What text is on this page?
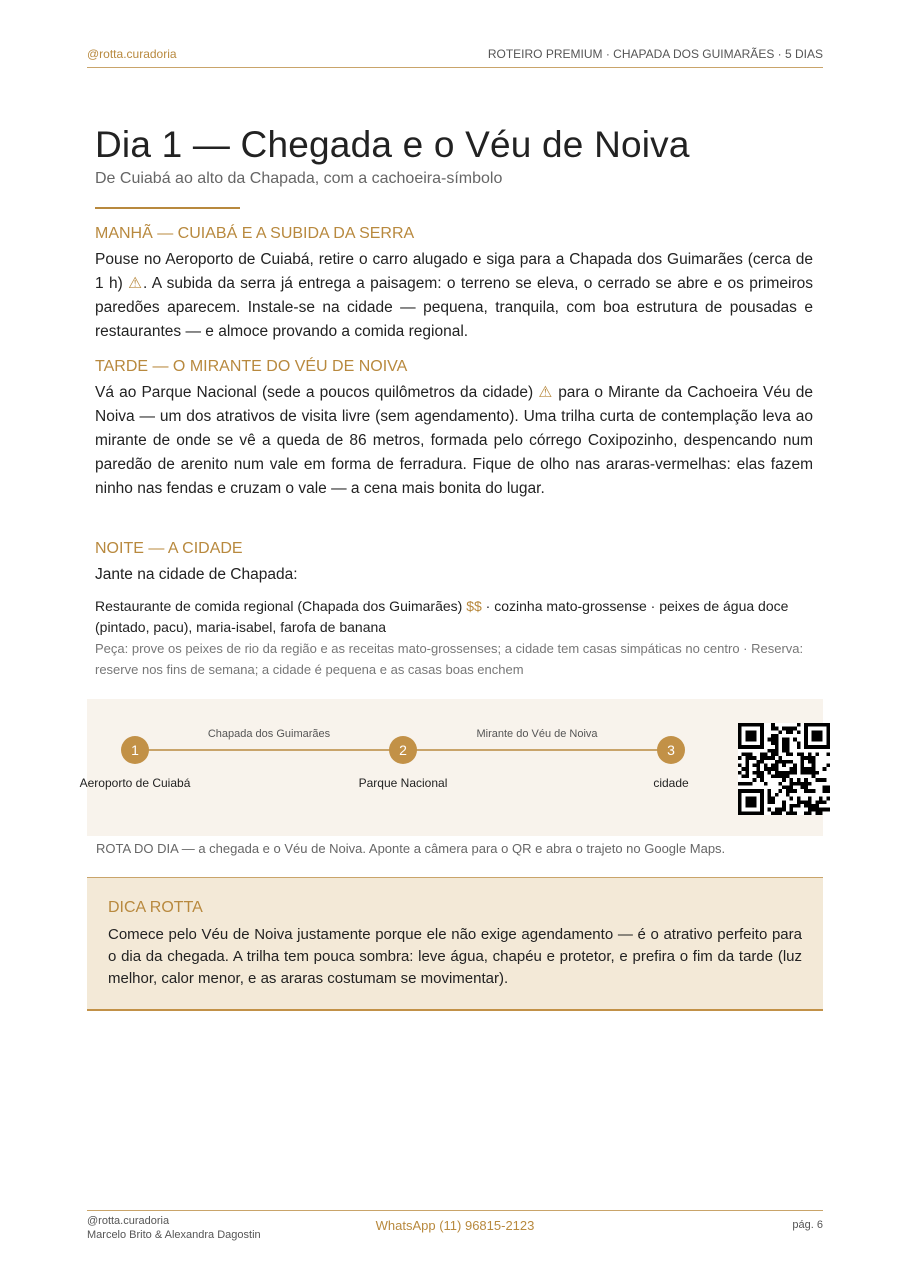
@rotta.curadoria	ROTEIRO PREMIUM · CHAPADA DOS GUIMARÃES · 5 DIAS
Dia 1 — Chegada e o Véu de Noiva
De Cuiabá ao alto da Chapada, com a cachoeira-símbolo
MANHÃ — CUIABÁ E A SUBIDA DA SERRA
Pouse no Aeroporto de Cuiabá, retire o carro alugado e siga para a Chapada dos Guimarães (cerca de 1 h) ⚠. A subida da serra já entrega a paisagem: o terreno se eleva, o cerrado se abre e os primeiros paredões aparecem. Instale-se na cidade — pequena, tranquila, com boa estrutura de pousadas e restaurantes — e almoce provando a comida regional.
TARDE — O MIRANTE DO VÉU DE NOIVA
Vá ao Parque Nacional (sede a poucos quilômetros da cidade) ⚠ para o Mirante da Cachoeira Véu de Noiva — um dos atrativos de visita livre (sem agendamento). Uma trilha curta de contemplação leva ao mirante de onde se vê a queda de 86 metros, formada pelo córrego Coxipozinho, despencando num paredão de arenito num vale em forma de ferradura. Fique de olho nas araras-vermelhas: elas fazem ninho nas fendas e cruzam o vale — a cena mais bonita do lugar.
NOITE — A CIDADE
Jante na cidade de Chapada:
Restaurante de comida regional (Chapada dos Guimarães) $$ · cozinha mato-grossense · peixes de água doce (pintado, pacu), maria-isabel, farofa de banana
Peça: prove os peixes de rio da região e as receitas mato-grossenses; a cidade tem casas simpáticas no centro · Reserva: reserve nos fins de semana; a cidade é pequena e as casas boas enchem
Chapada dos Guimarães	Mirante do Véu de Noiva
1	2	3
Aeroporto de Cuiabá	Parque Nacional	cidade
ROTA DO DIA — a chegada e o Véu de Noiva. Aponte a câmera para o QR e abra o trajeto no Google Maps.
DICA ROTTA
Comece pelo Véu de Noiva justamente porque ele não exige agendamento — é o atrativo perfeito para o dia da chegada. A trilha tem pouca sombra: leve água, chapéu e protetor, e prefira o fim da tarde (luz melhor, calor menor, e as araras costumam se movimentar).
@rotta.curadoria
Marcelo Brito & Alexandra Dagostin
WhatsApp (11) 96815-2123	pág. 6
